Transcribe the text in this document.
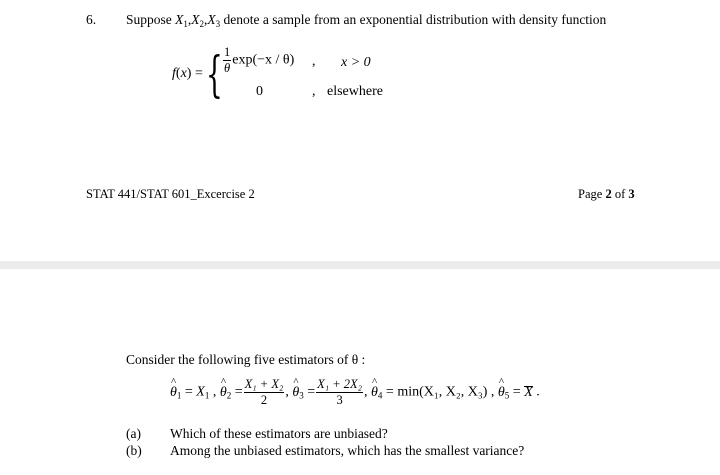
6. Suppose $X_1,X_2,X_3$ denote a sample from an exponential distribution with density function
f(x) = { $\frac{1}{\theta} \exp(-x / \theta)$ , x > 0
0	, elsewhere
STAT 441/STAT 601_Excercise 2	Page 2 of 3
Consider the following five estimators of θ :
^ $\theta_1 = X_1$ , ^ $\theta_2 = \frac{\text{X₁ + X₂}}{2}$ , ^ $\theta_3 = \frac{\text{X₁ + 2X₂}}{3}$ , ^ $\theta_4 = \min(X_1$, X₂, X₃) , ^ $\theta_5 = X$ .
(a) Which of these estimators are unbiased?
(b) Among the unbiased estimators, which has the smallest variance?
